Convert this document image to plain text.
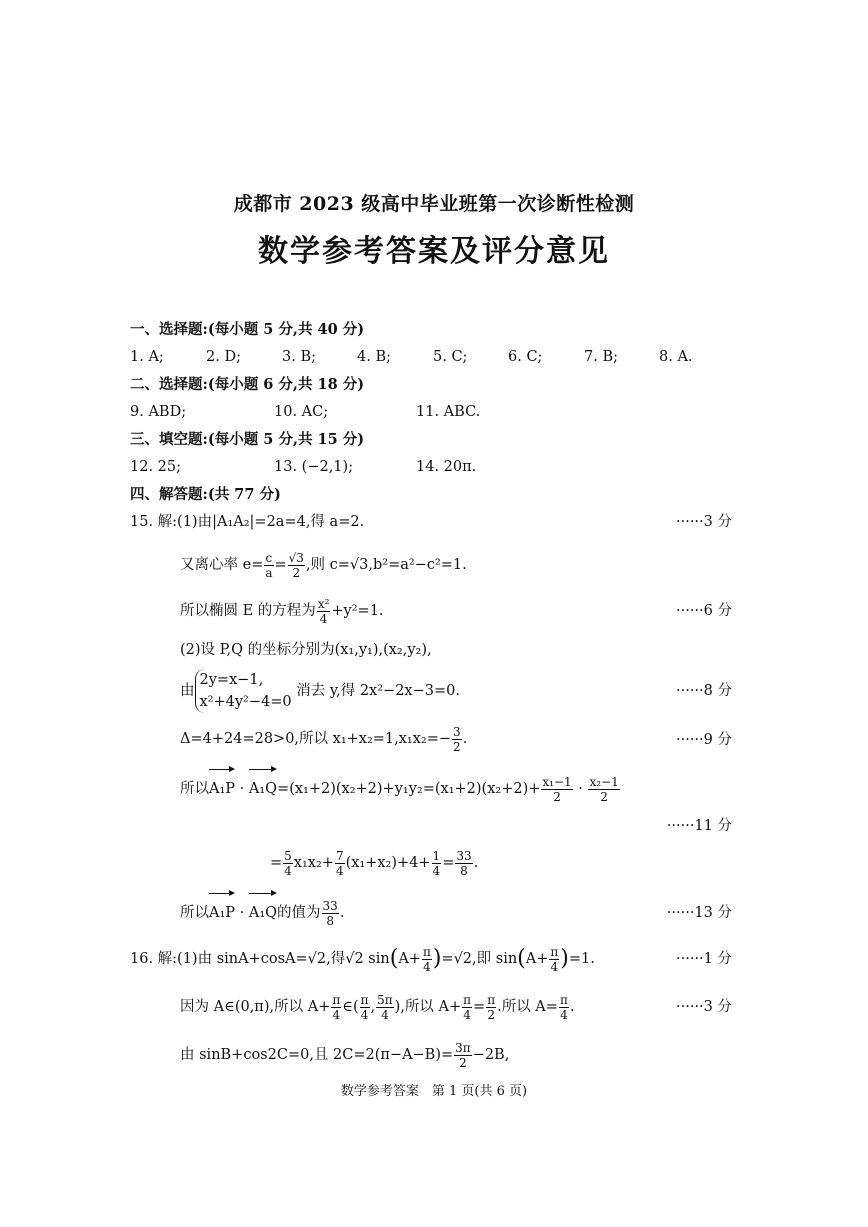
成都市 2023 级高中毕业班第一次诊断性检测
数学参考答案及评分意见
一、选择题:(每小题 5 分,共 40 分)
1. A;	2. D;	3. B;	4. B;	5. C;	6. C;	7. B;	8. A.
二、选择题:(每小题 6 分,共 18 分)
9. ABD;	10. AC;	11. ABC.
三、填空题:(每小题 5 分,共 15 分)
12. 25;	13. (−2,1);	14. 20π.
四、解答题:(共 77 分)
15. 解:(1)由|A₁A₂|=2a=4,得 a=2.	······3 分
又离心率 $e= \frac{c}{a} = \frac{√3}{2}$ ,则 c=√3,b²=a²−c²=1.
所以椭圆 E 的方程为 $\frac{\text{x²}}{4} +y^2=1$.	······6 分
(2)设 P,Q 的坐标分别为(x₁,y₁),(x₂,y₂),
由
2y=x−1,
x²+4y²−4=0
消去 y,得 2x²−2x−3=0.	······8 分
Δ=4+24=28>0,所以 $x_1+x_2=1,x_1x_2=- \frac{3}{2}$ .	······9 分
所以$A_1P \cdot A_1Q=(x_1+2)(x_2+2)+y_1y_2=(x_1+2)(x_2+2)+ \frac{\text{x₁−1}}{2} \cdot \frac{\text{x₂−1}}{2}$
······11 分
= $\frac{5}{4} x_1x_2+ \frac{7}{4} (x_1+x_2)+4+ \frac{1}{4} = \frac{33}{8}$ .
所以A₁P · A₁Q的值为 $\frac{33}{8}$ .	······13 分
16. 解:(1)由 sinA+cosA=√2,得√2 $\sin(A+ \frac{\pi}{4} )=√2$,即 $\sin(A+ \frac{\pi}{4} )=1$.	······1 分
因为 A∈(0,π),所以 $A+ \frac{\pi}{4}$ ∈( $\frac{\pi}{4}$ , $\frac{5\pi}{4}$ ),所以 $A+ \frac{\pi}{4} = \frac{\pi}{2}$ .所以 $A= \frac{\pi}{4}$ .	······3 分
由 sinB+cos2C=0,且 $2C=2(\pi-A-B)= \frac{3\pi}{2} -2B$,
数学参考答案　第 1 页(共 6 页)
